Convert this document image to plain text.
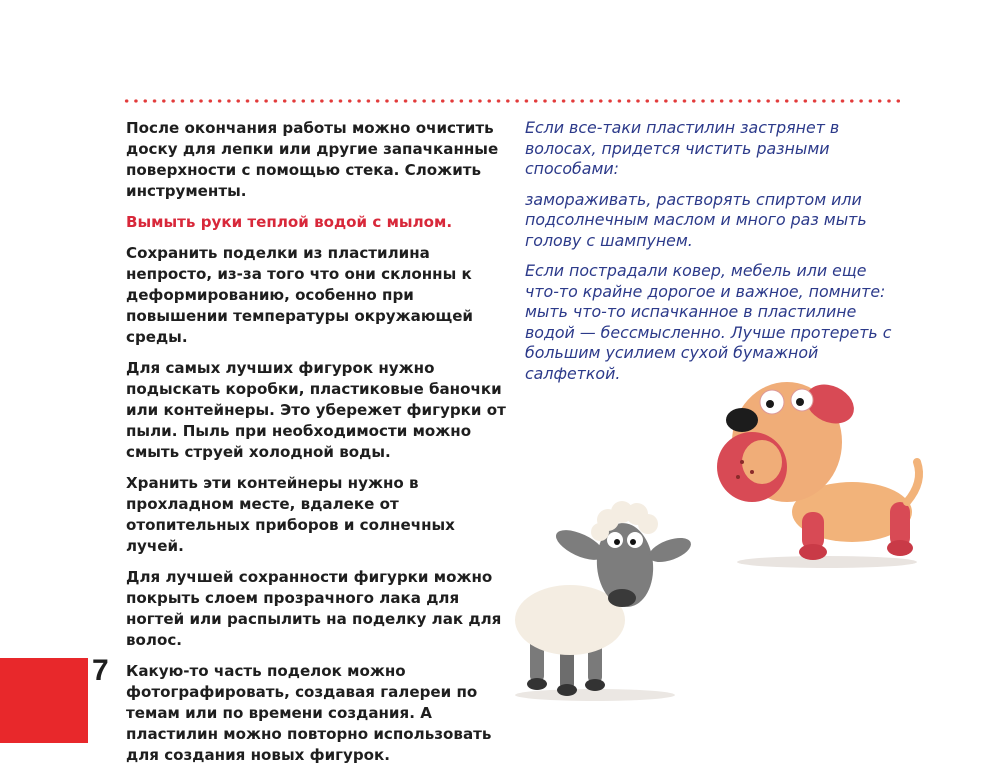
После окончания работы можно очистить доску для лепки или другие запачканные поверхности с помощью стека. Сложить инструменты.

Вымыть руки теплой водой с мылом.

Сохранить поделки из пластилина непросто, из-за того что они склонны к деформированию, особенно при повышении температуры окружающей среды.

Для самых лучших фигурок нужно подыскать коробки, пластиковые баночки или контейнеры. Это убережет фигурки от пыли. Пыль при необходимости можно смыть струей холодной воды.

Хранить эти контейнеры нужно в прохладном месте, вдалеке от отопительных приборов и солнечных лучей.

Для лучшей сохранности фигурки можно покрыть слоем прозрачного лака для ногтей или распылить на поделку лак для волос.

Какую-то часть поделок можно фотографировать, создавая галереи по темам или по времени создания. А пластилин можно повторно использовать для создания новых фигурок.

Если все-таки пластилин застрянет в волосах, придется чистить разными способами:

замораживать, растворять спиртом или подсолнечным маслом и много раз мыть голову с шампунем.

Если пострадали ковер, мебель или еще что-то крайне дорогое и важное, помните: мыть что-то испачканное в пластилине водой — бессмысленно. Лучше протереть с большим усилием сухой бумажной салфеткой.

7
